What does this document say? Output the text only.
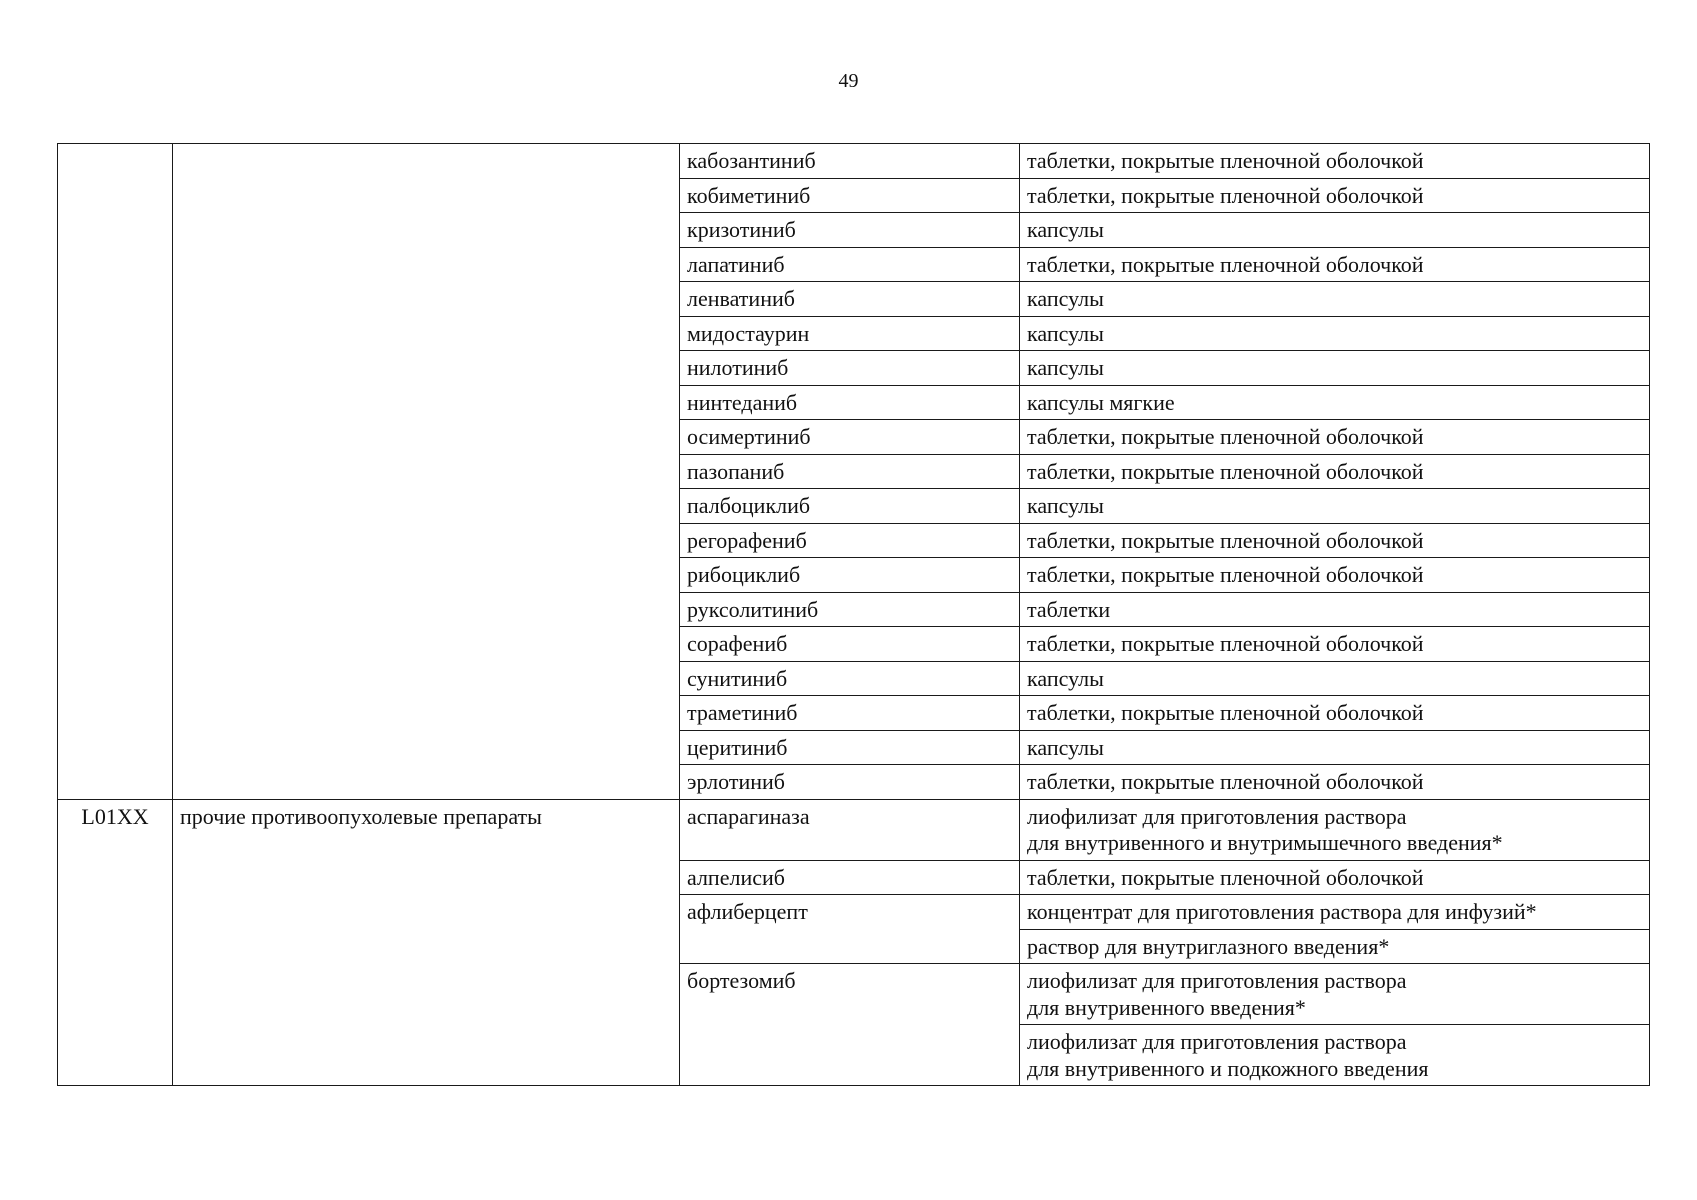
49
		кабозантиниб	таблетки, покрытые пленочной оболочкой
		кобиметиниб	таблетки, покрытые пленочной оболочкой
		кризотиниб	капсулы
		лапатиниб	таблетки, покрытые пленочной оболочкой
		ленватиниб	капсулы
		мидостаурин	капсулы
		нилотиниб	капсулы
		нинтеданиб	капсулы мягкие
		осимертиниб	таблетки, покрытые пленочной оболочкой
		пазопаниб	таблетки, покрытые пленочной оболочкой
		палбоциклиб	капсулы
		регорафениб	таблетки, покрытые пленочной оболочкой
		рибоциклиб	таблетки, покрытые пленочной оболочкой
		руксолитиниб	таблетки
		сорафениб	таблетки, покрытые пленочной оболочкой
		сунитиниб	капсулы
		траметиниб	таблетки, покрытые пленочной оболочкой
		церитиниб	капсулы
		эрлотиниб	таблетки, покрытые пленочной оболочкой
L01XX	прочие противоопухолевые препараты	аспарагиназа	лиофилизат для приготовления раствора
для внутривенного и внутримышечного введения*

		алпелисиб	таблетки, покрытые пленочной оболочкой

		афлиберцепт	концентрат для приготовления раствора для инфузий*

			раствор для внутриглазного введения*

		бортезомиб	лиофилизат для приготовления раствора
для внутривенного введения*

			лиофилизат для приготовления раствора
для внутривенного и подкожного введения
